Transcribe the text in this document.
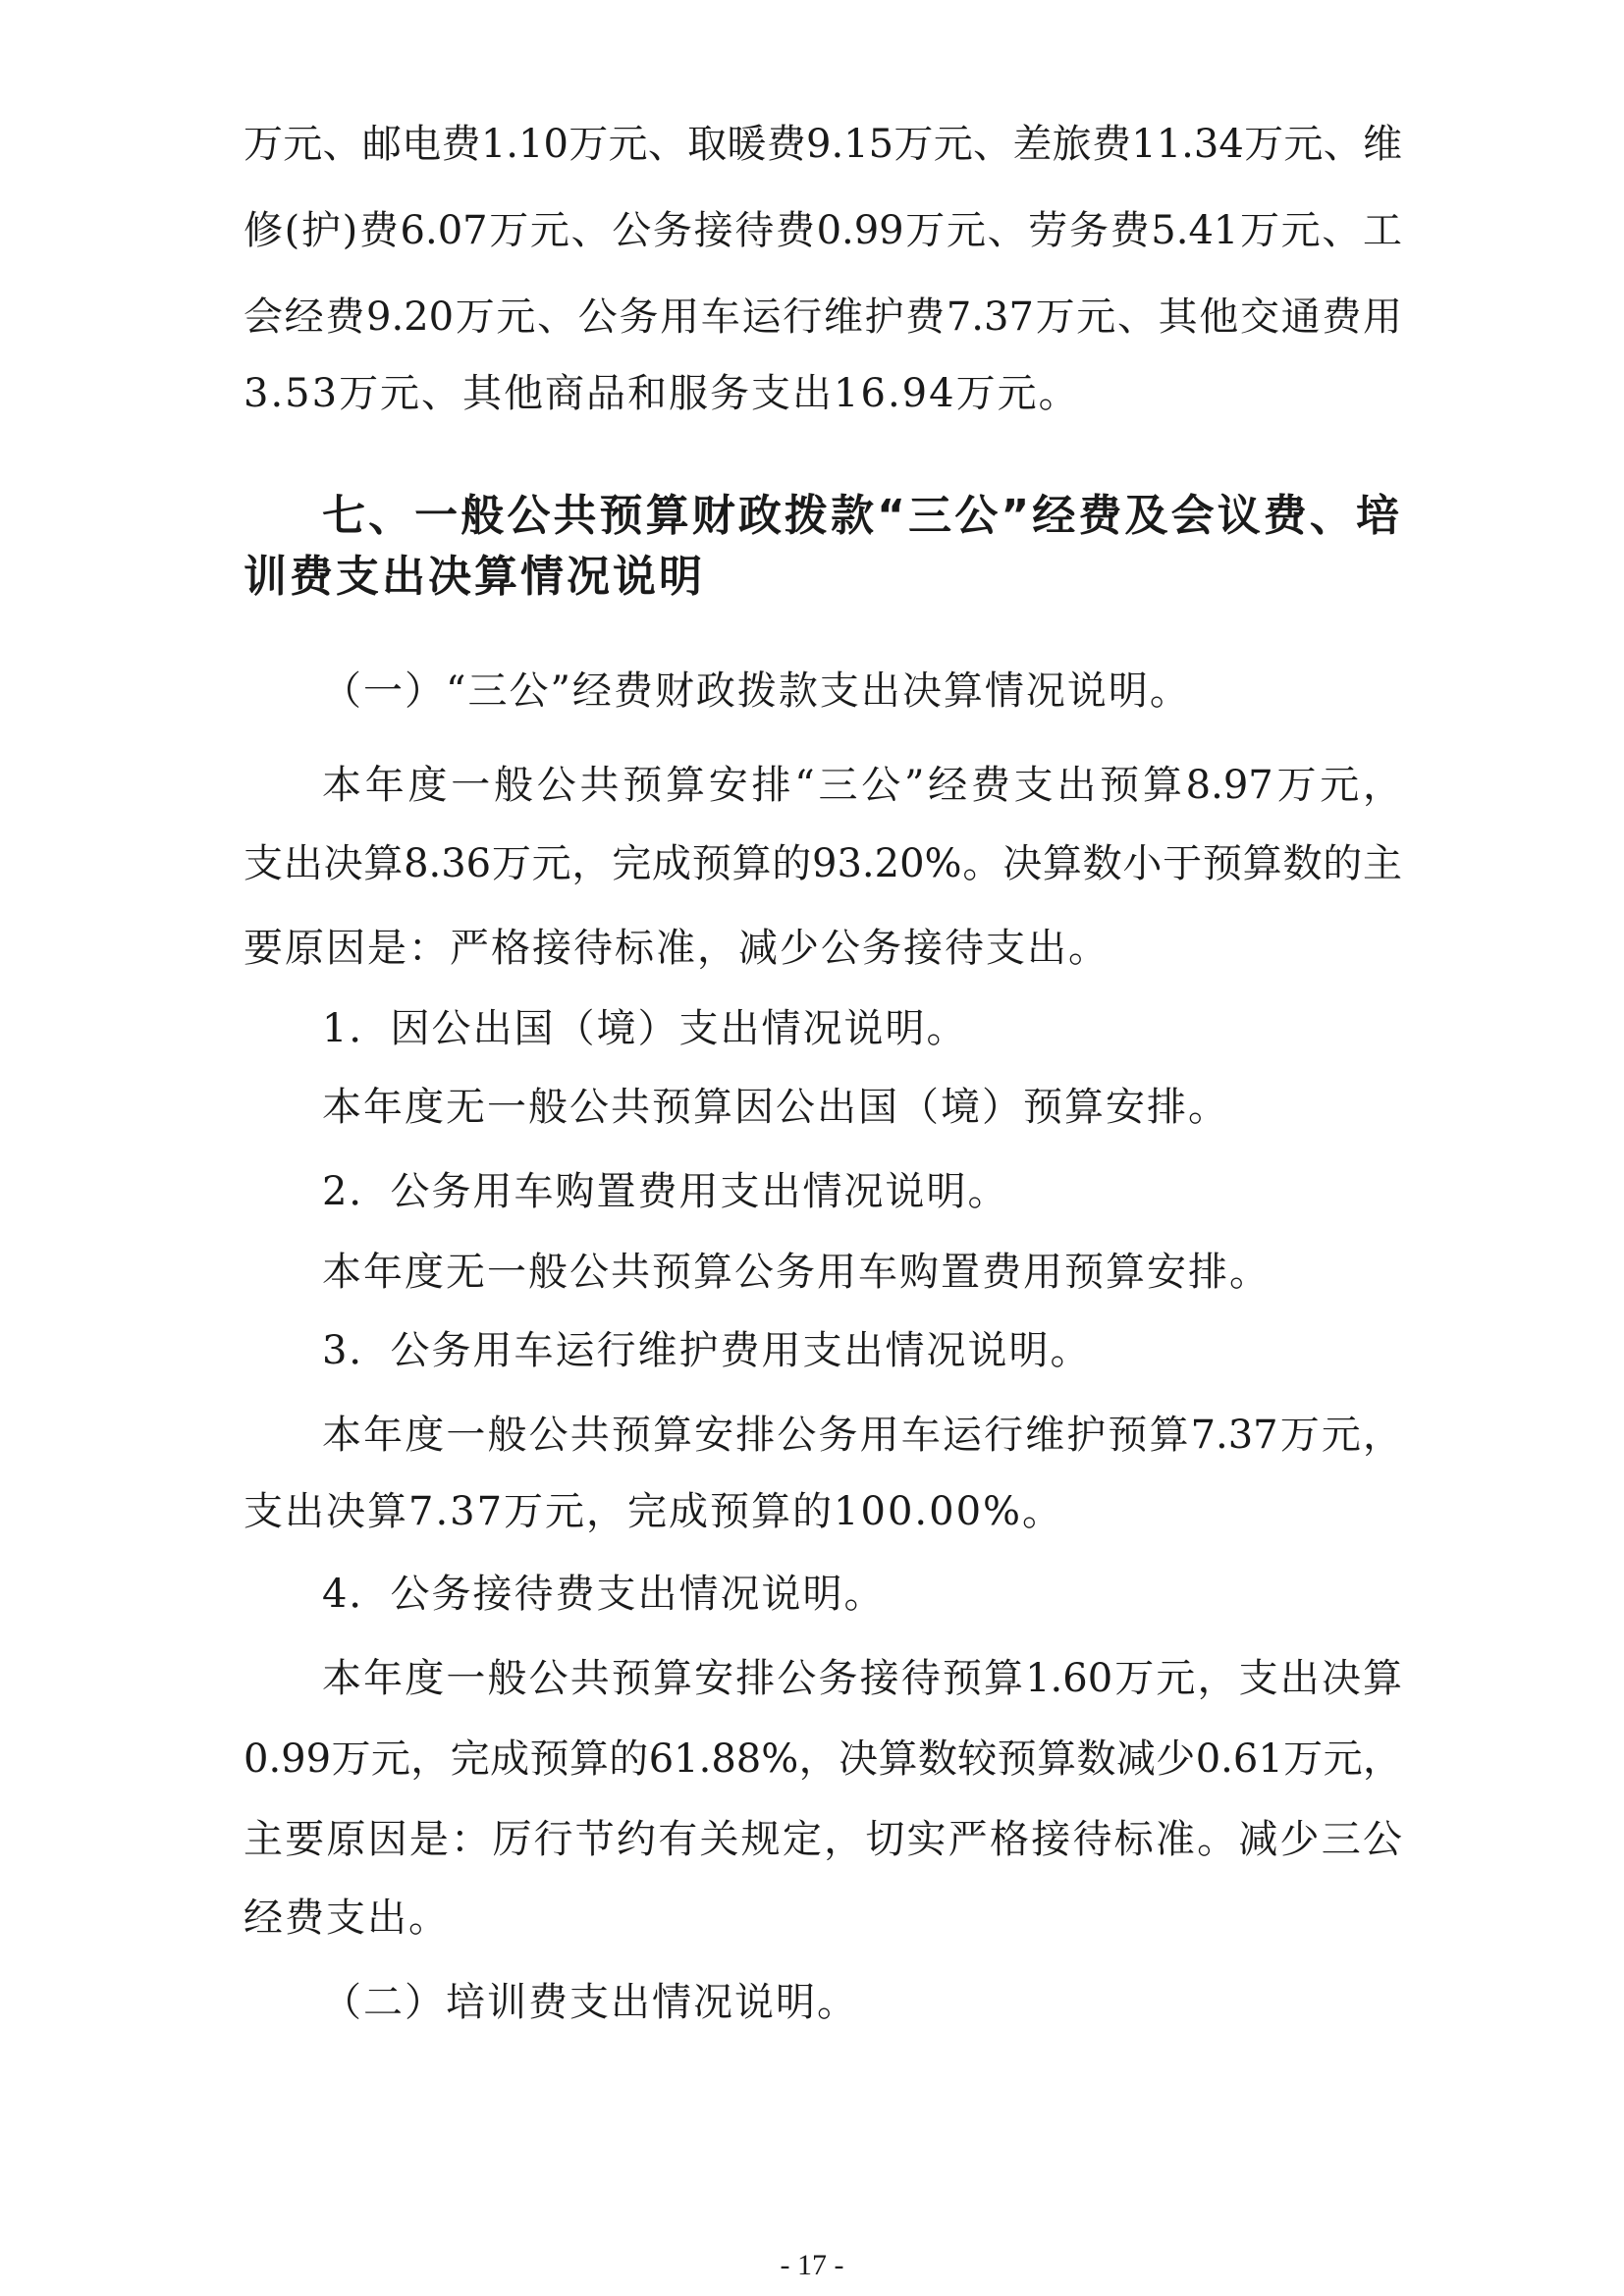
万元、邮电费1.10万元、取暖费9.15万元、差旅费11.34万元、维
修(护)费6.07万元、公务接待费0.99万元、劳务费5.41万元、工
会经费9.20万元、公务用车运行维护费7.37万元、其他交通费用
3.53万元、其他商品和服务支出16.94万元。
七、一般公共预算财政拨款“三公”经费及会议费、培
训费支出决算情况说明
（一）“三公”经费财政拨款支出决算情况说明。
本年度一般公共预算安排“三公”经费支出预算8.97万元，
支出决算8.36万元，完成预算的93.20%。决算数小于预算数的主
要原因是：严格接待标准，减少公务接待支出。
1．因公出国（境）支出情况说明。
本年度无一般公共预算因公出国（境）预算安排。
2．公务用车购置费用支出情况说明。
本年度无一般公共预算公务用车购置费用预算安排。
3．公务用车运行维护费用支出情况说明。
本年度一般公共预算安排公务用车运行维护预算7.37万元，
支出决算7.37万元，完成预算的100.00%。
4．公务接待费支出情况说明。
本年度一般公共预算安排公务接待预算1.60万元，支出决算
0.99万元，完成预算的61.88%，决算数较预算数减少0.61万元，
主要原因是：厉行节约有关规定，切实严格接待标准。减少三公
经费支出。
（二）培训费支出情况说明。
- 17 -
